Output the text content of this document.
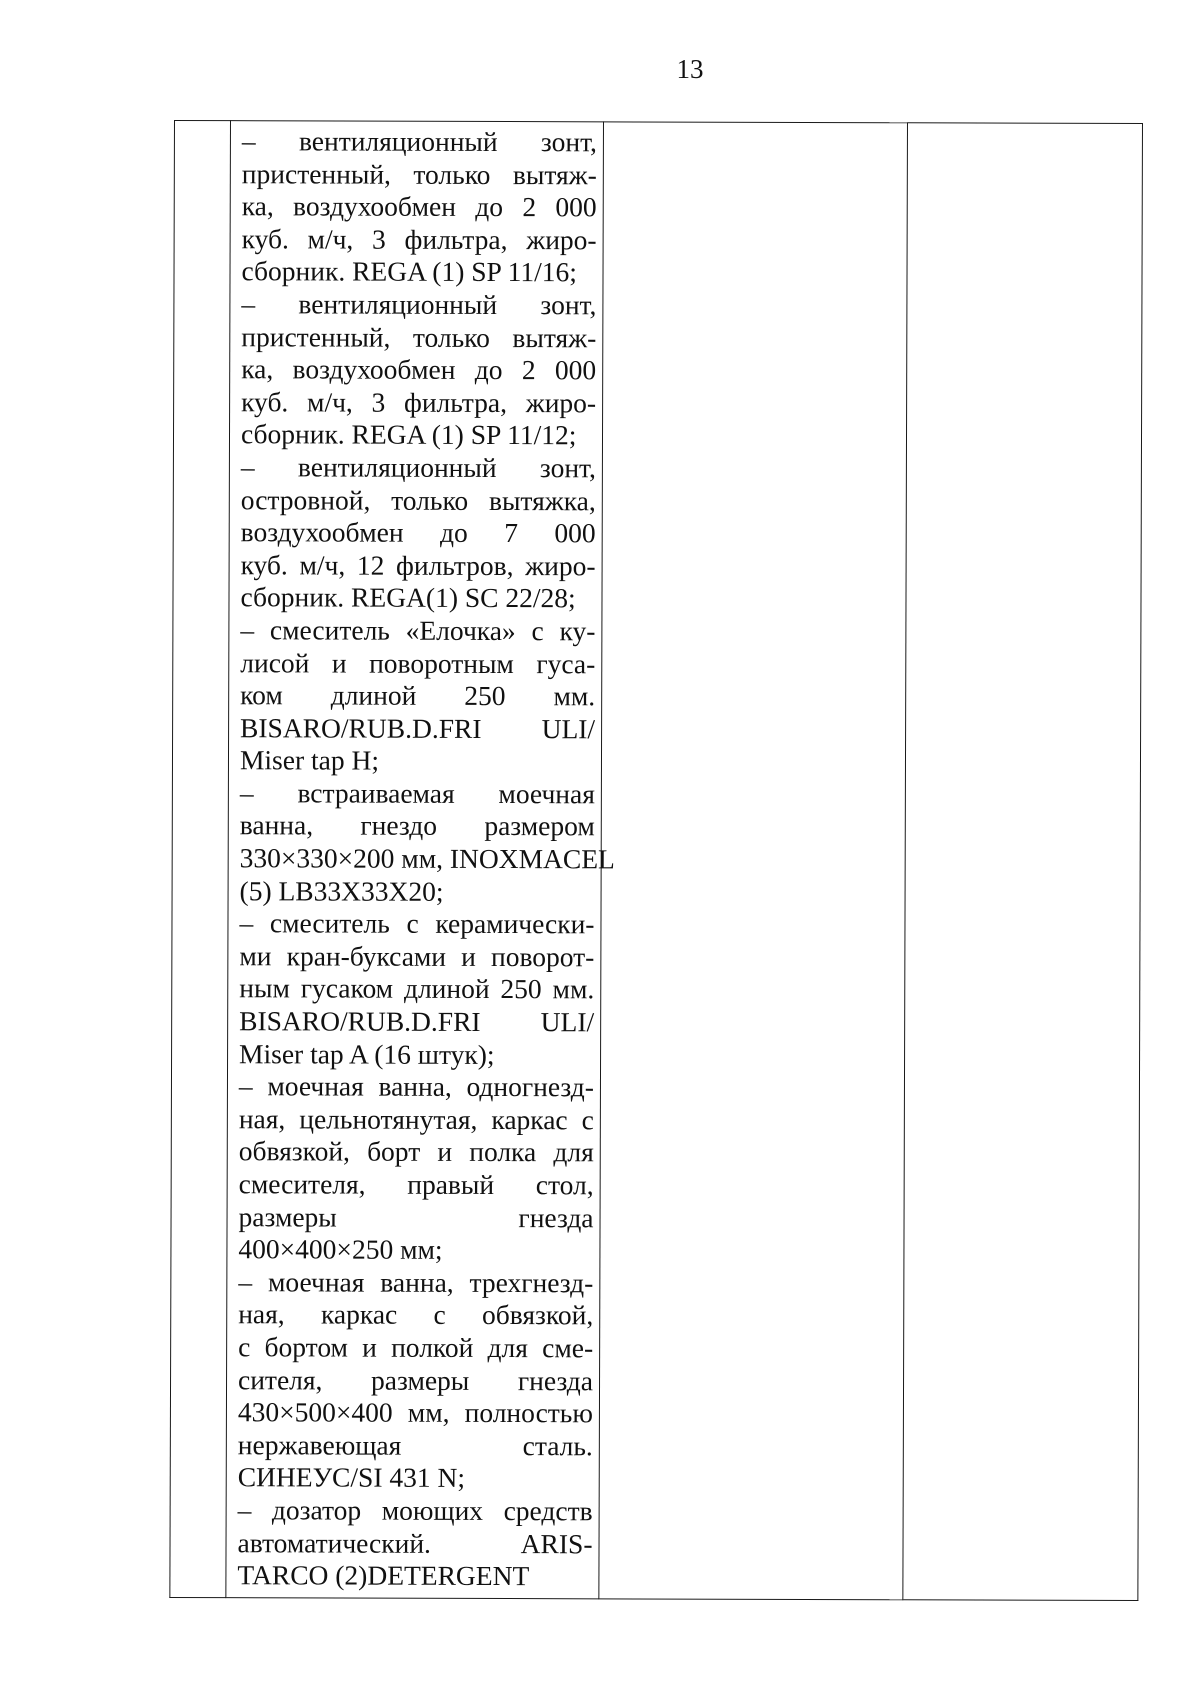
13

– вентиляционный зонт,
пристенный, только вытяж-
ка, воздухообмен до 2 000
куб. м/ч, 3 фильтра, жиро-
сборник. REGA (1) SP 11/16;
– вентиляционный зонт,
пристенный, только вытяж-
ка, воздухообмен до 2 000
куб. м/ч, 3 фильтра, жиро-
сборник. REGA (1) SP 11/12;
– вентиляционный зонт,
островной, только вытяжка,
воздухообмен до 7 000
куб. м/ч, 12 фильтров, жиро-
сборник. REGA(1) SC 22/28;
– смеситель «Елочка» с ку-
лисой и поворотным гуса-
ком длиной 250 мм.
BISARO/RUB.D.FRI ULI/
Miser tap H;
– встраиваемая моечная
ванна, гнездо размером
330×330×200 мм, INOXMACEL
(5) LB33X33X20;
– смеситель с керамически-
ми кран-буксами и поворот-
ным гусаком длиной 250 мм.
BISARO/RUB.D.FRI ULI/
Miser tap A (16 штук);
– моечная ванна, одногнезд-
ная, цельнотянутая, каркас с
обвязкой, борт и полка для
смесителя, правый стол,
размеры гнезда
400×400×250 мм;
– моечная ванна, трехгнезд-
ная, каркас с обвязкой,
с бортом и полкой для сме-
сителя, размеры гнезда
430×500×400 мм, полностью
нержавеющая сталь.
СИНЕУС/SI 431 N;
– дозатор моющих средств
автоматический. ARIS-
TARCO (2)DETERGENT
